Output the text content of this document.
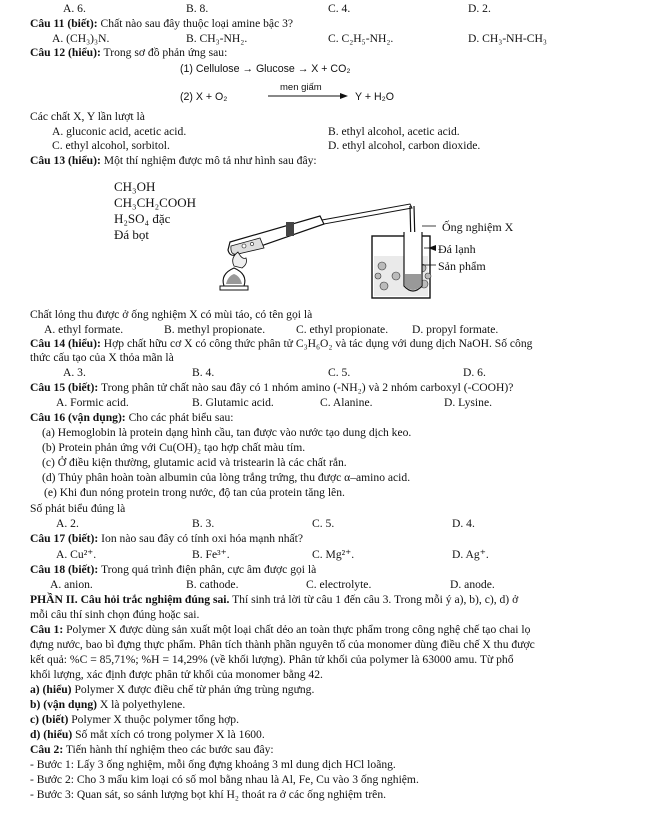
A. 6.	B. 8.	C. 4.	D. 2.
Câu 11 (biết): Chất nào sau đây thuộc loại amine bậc 3?
A. (CH₃)₃N.	B. CH₃-NH₂.	C. C₂H₅-NH₂.	D. CH₃-NH-CH₃
Câu 12 (hiểu): Trong sơ đồ phản ứng sau:
(1) Cellulose → Glucose → X + CO₂
(2) X + O₂
men giấm
Y + H₂O
Các chất X, Y lần lượt là
A. gluconic acid, acetic acid.	B. ethyl alcohol, acetic acid.
C. ethyl alcohol, sorbitol.	D. ethyl alcohol, carbon dioxide.
Câu 13 (hiểu): Một thí nghiệm được mô tả như hình sau đây:
CH₃OH
CH₃CH₂COOH
H₂SO₄ đặc
Đá bọt	Ống nghiệm X
Đá lạnh
Sản phẩm
Chất lỏng thu được ở ống nghiệm X có mùi táo, có tên gọi là
A. ethyl formate.	B. methyl propionate.	C. ethyl propionate. D. propyl formate.
Câu 14 (hiểu): Hợp chất hữu cơ X có công thức phân tử C₃H₆O₂ và tác dụng với dung dịch NaOH. Số công
thức cấu tạo của X thỏa mãn là
A. 3.	B. 4.	C. 5.	D. 6.
Câu 15 (biết): Trong phân tử chất nào sau đây có 1 nhóm amino (-NH₂) và 2 nhóm carboxyl (-COOH)?
A. Formic acid.	B. Glutamic acid.	C. Alanine.	D. Lysine.
Câu 16 (vận dụng): Cho các phát biểu sau:
(a) Hemoglobin là protein dạng hình cầu, tan được vào nước tạo dung dịch keo.
(b) Protein phản ứng với Cu(OH)₂ tạo hợp chất màu tím.
(c) Ở điều kiện thường, glutamic acid và tristearin là các chất rắn.
(d) Thủy phân hoàn toàn albumin của lòng trắng trứng, thu được α–amino acid.
(e) Khi đun nóng protein trong nước, độ tan của protein tăng lên.
Số phát biểu đúng là
A. 2.	B. 3.	C. 5.	D. 4.
Câu 17 (biết): Ion nào sau đây có tính oxi hóa mạnh nhất?
A. Cu²⁺.	B. Fe³⁺.	C. Mg²⁺.	D. Ag⁺.
Câu 18 (biết): Trong quá trình điện phân, cực âm được gọi là
A. anion.	B. cathode.	C. electrolyte.	D. anode.
PHẦN II. Câu hỏi trắc nghiệm đúng sai. Thí sinh trả lời từ câu 1 đến câu 3. Trong mỗi ý a), b), c), d) ở
mỗi câu thí sinh chọn đúng hoặc sai.
Câu 1: Polymer X được dùng sản xuất một loại chất dẻo an toàn thực phẩm trong công nghệ chế tạo chai lọ
đựng nước, bao bì đựng thực phẩm. Phân tích thành phần nguyên tố của monomer dùng điều chế X thu được
kết quả: %C = 85,71%; %H = 14,29% (về khối lượng). Phân tử khối của polymer là 63000 amu. Từ phổ
khối lượng, xác định được phân tử khối của monomer bằng 42.
a) (hiểu) Polymer X được điều chế từ phản ứng trùng ngưng.
b) (vận dụng) X là polyethylene.
c) (biết) Polymer X thuộc polymer tổng hợp.
d) (hiểu) Số mắt xích có trong polymer X là 1600.
Câu 2: Tiến hành thí nghiệm theo các bước sau đây:
- Bước 1: Lấy 3 ống nghiệm, mỗi ống đựng khoảng 3 ml dung dịch HCl loãng.
- Bước 2: Cho 3 mẩu kim loại có số mol bằng nhau là Al, Fe, Cu vào 3 ống nghiệm.
- Bước 3: Quan sát, so sánh lượng bọt khí H₂ thoát ra ở các ống nghiệm trên.
